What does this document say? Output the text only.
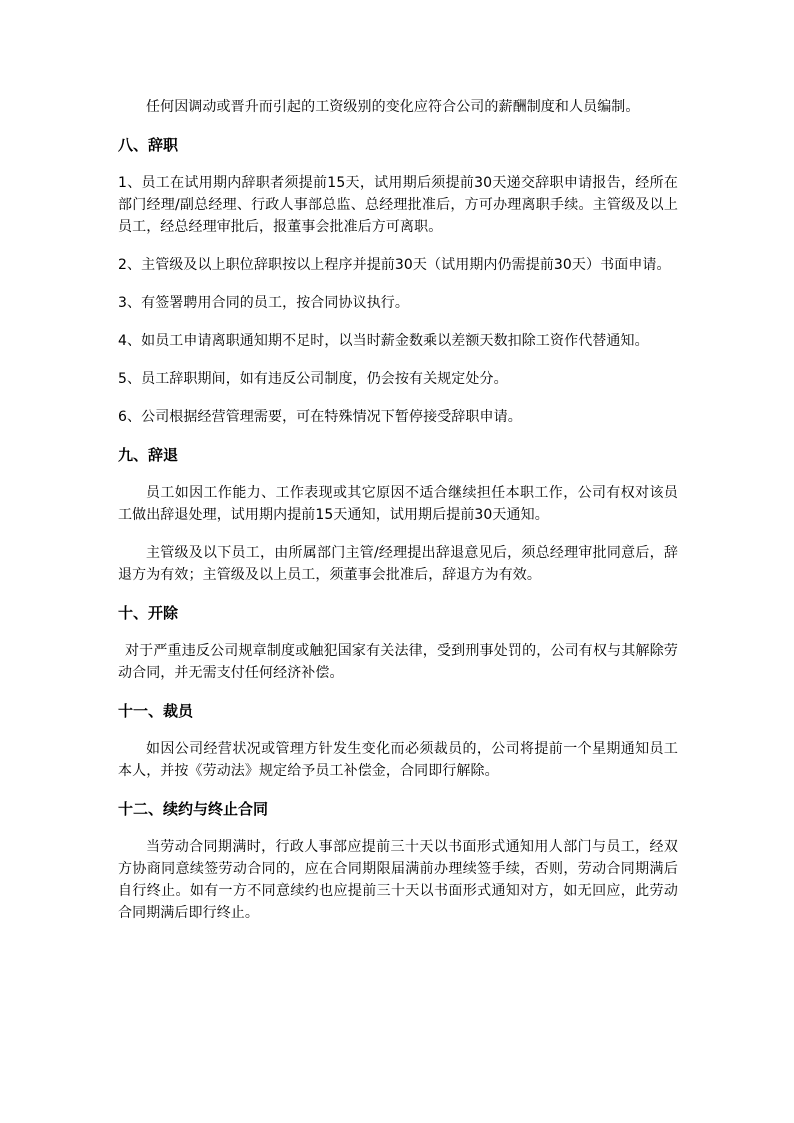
任何因调动或晋升而引起的工资级别的变化应符合公司的薪酬制度和人员编制。

八、辞职

1、员工在试用期内辞职者须提前15天，试用期后须提前30天递交辞职申请报告，经所在部门经理/副总经理、行政人事部总监、总经理批准后，方可办理离职手续。主管级及以上员工，经总经理审批后，报董事会批准后方可离职。

2、主管级及以上职位辞职按以上程序并提前30天（试用期内仍需提前30天）书面申请。

3、有签署聘用合同的员工，按合同协议执行。

4、如员工申请离职通知期不足时，以当时薪金数乘以差额天数扣除工资作代替通知。

5、员工辞职期间，如有违反公司制度，仍会按有关规定处分。

6、公司根据经营管理需要，可在特殊情况下暂停接受辞职申请。

九、辞退

员工如因工作能力、工作表现或其它原因不适合继续担任本职工作，公司有权对该员工做出辞退处理，试用期内提前15天通知，试用期后提前30天通知。

主管级及以下员工，由所属部门主管/经理提出辞退意见后，须总经理审批同意后，辞退方为有效；主管级及以上员工，须董事会批准后，辞退方为有效。

十、开除

对于严重违反公司规章制度或触犯国家有关法律，受到刑事处罚的，公司有权与其解除劳动合同，并无需支付任何经济补偿。

十一、裁员

如因公司经营状况或管理方针发生变化而必须裁员的，公司将提前一个星期通知员工本人，并按《劳动法》规定给予员工补偿金，合同即行解除。

十二、续约与终止合同

当劳动合同期满时，行政人事部应提前三十天以书面形式通知用人部门与员工，经双方协商同意续签劳动合同的，应在合同期限届满前办理续签手续，否则，劳动合同期满后自行终止。如有一方不同意续约也应提前三十天以书面形式通知对方，如无回应，此劳动合同期满后即行终止。
